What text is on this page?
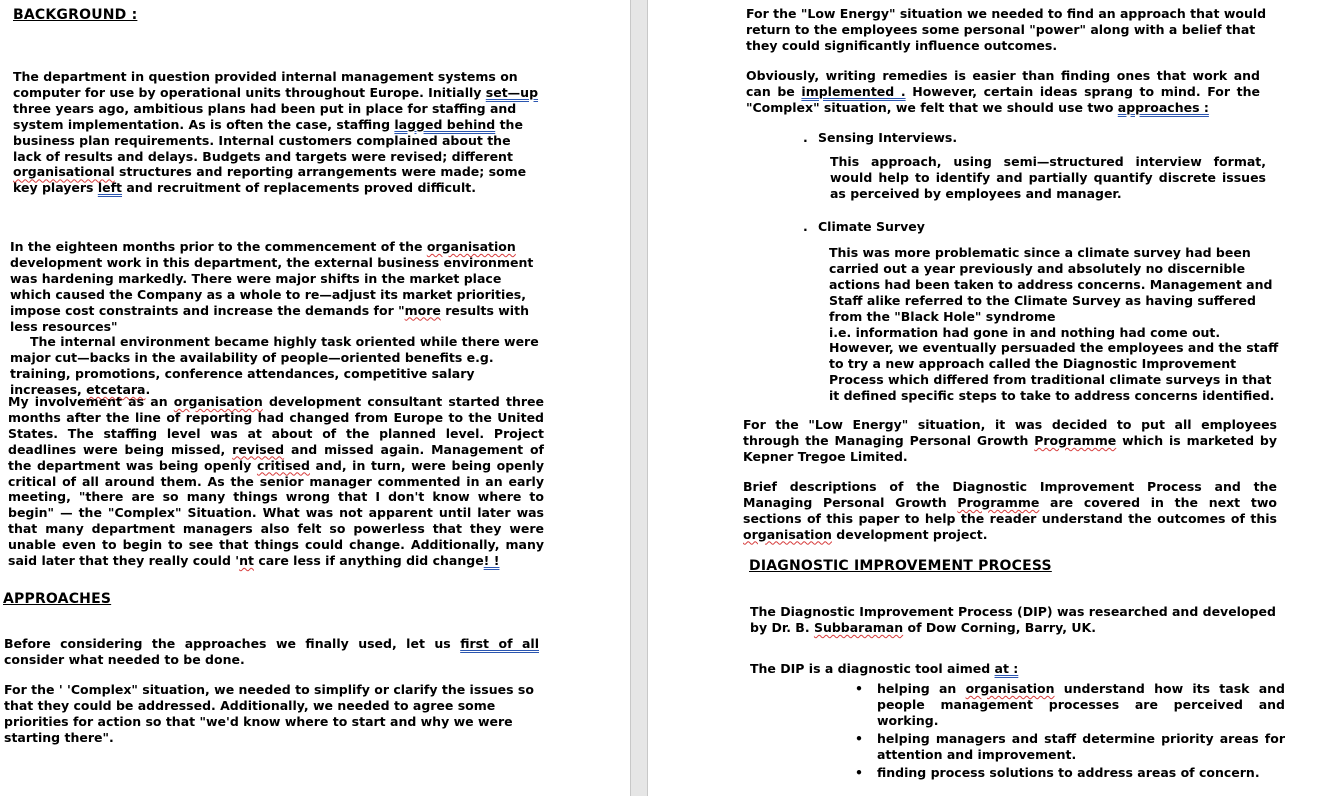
BACKGROUND :

The department in question provided internal management systems on computer for use by operational units throughout Europe. Initially set—up three years ago, ambitious plans had been put in place for staffing and system implementation. As is often the case, staffing lagged behind the business plan requirements. Internal customers complained about the lack of results and delays. Budgets and targets were revised; different organisational structures and reporting arrangements were made; some key players left and recruitment of replacements proved difficult.

In the eighteen months prior to the commencement of the organisation development work in this department, the external business environment was hardening markedly. There were major shifts in the market place which caused the Company as a whole to re—adjust its market priorities, impose cost constraints and increase the demands for "more results with less resources"

The internal environment became highly task oriented while there were major cut—backs in the availability of people—oriented benefits e.g. training, promotions, conference attendances, competitive salary increases, etcetara.

My involvement as an organisation development consultant started three months after the line of reporting had changed from Europe to the United States. The staffing level was at about of the planned level. Project deadlines were being missed, revised and missed again. Management of the department was being openly critised and, in turn, were being openly critical of all around them. As the senior manager commented in an early meeting, "there are so many things wrong that I don't know where to begin" — the "Complex" Situation. What was not apparent until later was that many department managers also felt so powerless that they were unable even to begin to see that things could change. Additionally, many said later that they really could 'nt care less if anything did change! !

APPROACHES

Before considering the approaches we finally used, let us first of all consider what needed to be done.

For the ' 'Complex" situation, we needed to simplify or clarify the issues so that they could be addressed. Additionally, we needed to agree some priorities for action so that "we'd know where to start and why we were starting there".

For the "Low Energy" situation we needed to find an approach that would return to the employees some personal "power" along with a belief that they could significantly influence outcomes.

Obviously, writing remedies is easier than finding ones that work and can be implemented . However, certain ideas sprang to mind. For the "Complex" situation, we felt that we should use two approaches :

. Sensing Interviews.

This approach, using semi—structured interview format, would help to identify and partially quantify discrete issues as perceived by employees and manager.

. Climate Survey

This was more problematic since a climate survey had been carried out a year previously and absolutely no discernible actions had been taken to address concerns. Management and Staff alike referred to the Climate Survey as having suffered from the "Black Hole" syndrome

i.e. information had gone in and nothing had come out. However, we eventually persuaded the employees and the staff to try a new approach called the Diagnostic Improvement Process which differed from traditional climate surveys in that it defined specific steps to take to address concerns identified.

For the "Low Energy" situation, it was decided to put all employees through the Managing Personal Growth Programme which is marketed by Kepner Tregoe Limited.

Brief descriptions of the Diagnostic Improvement Process and the Managing Personal Growth Programme are covered in the next two sections of this paper to help the reader understand the outcomes of this organisation development project.

DIAGNOSTIC IMPROVEMENT PROCESS

The Diagnostic Improvement Process (DIP) was researched and developed by Dr. B. Subbaraman of Dow Corning, Barry, UK.

The DIP is a diagnostic tool aimed at :

• helping an organisation understand how its task and people management processes are perceived and working.
• helping managers and staff determine priority areas for attention and improvement.
• finding process solutions to address areas of concern.
